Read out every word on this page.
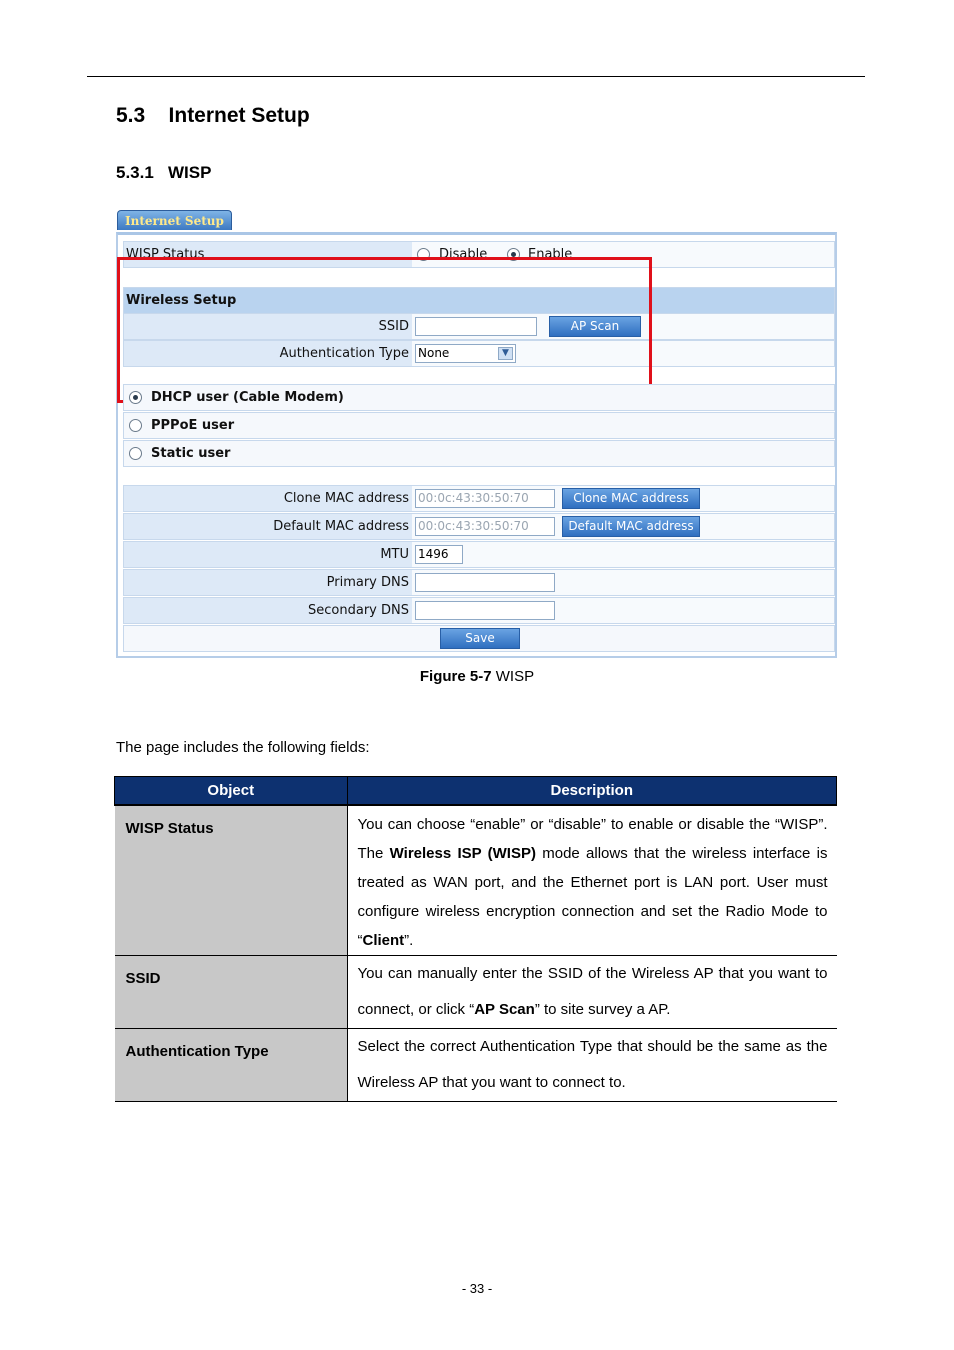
5.3    Internet Setup
5.3.1   WISP
Internet Setup
WISP Status	Disable	Enable
Wireless Setup
SSID	AP Scan
Authentication Type None	▼
DHCP user (Cable Modem)
PPPoE user
Static user
Clone MAC address 00:0c:43:30:50:70	Clone MAC address
Default MAC address 00:0c:43:30:50:70	Default MAC address
MTU 1496
Primary DNS
Secondary DNS
Save
Figure 5-7 WISP
The page includes the following fields:
Object	Description
WISP Status	You can choose “enable” or “disable” to enable or disable the “WISP”. The Wireless ISP (WISP) mode allows that the wireless interface is treated as WAN port, and the Ethernet port is LAN port. User must configure wireless encryption connection and set the Radio Mode to “Client”.
SSID	You can manually enter the SSID of the Wireless AP that you want to connect, or click “AP Scan” to site survey a AP.
Authentication Type	Select the correct Authentication Type that should be the same as the Wireless AP that you want to connect to.
- 33 -
